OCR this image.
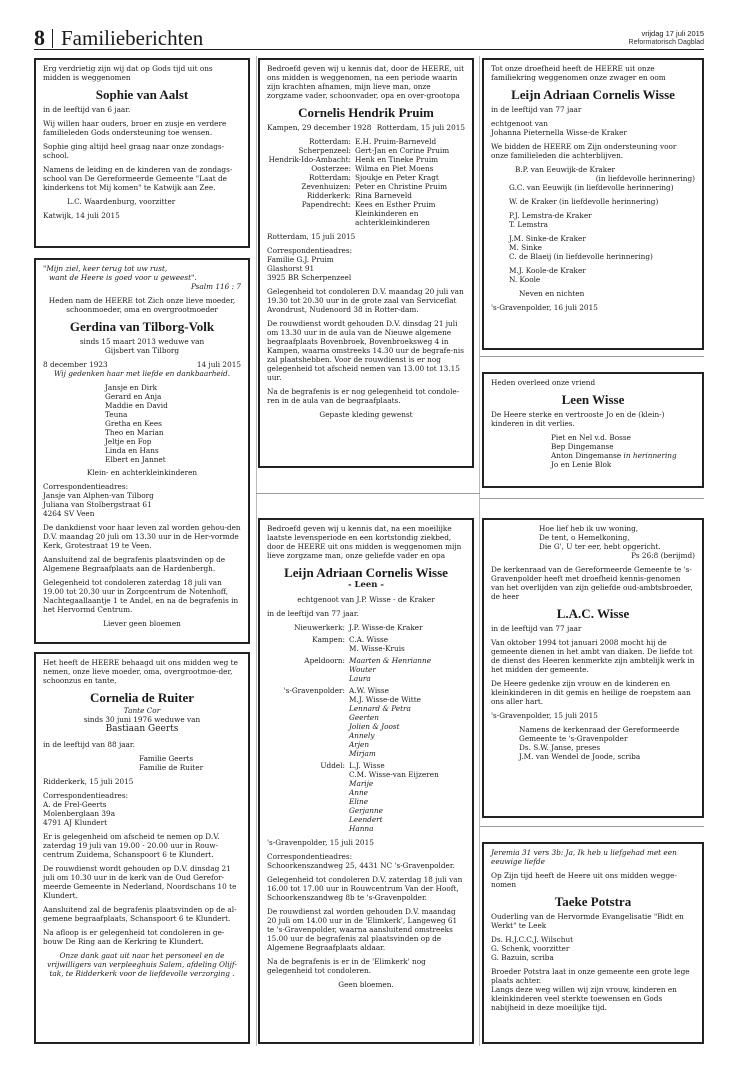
8 Familieberichten	vrijdag 17 juli 2015
Reformatorisch Dagblad
Erg verdrietig zijn wij dat op Gods tijd uit ons midden is weggenomen
Sophie van Aalst
in de leeftijd van 6 jaar.
Wij willen haar ouders, broer en zusje en verdere familieleden Gods ondersteuning toe wensen.
Sophie ging altijd heel graag naar onze zondags-school.
Namens de leiding en de kinderen van de zondags-school van De Gereformeerde Gemeente "Laat de kinderkens tot Mij komen" te Katwijk aan Zee.
L.C. Waardenburg, voorzitter
Katwijk, 14 juli 2015
"Mijn ziel, keer terug tot uw rust,
want de Heere is goed voor u geweest".
Psalm 116 : 7
Heden nam de HEERE tot Zich onze lieve moeder, schoonmoeder, oma en overgrootmoeder
Gerdina van Tilborg-Volk
sinds 15 maart 2013 weduwe van
Gijsbert van Tilborg
8 december 1923	14 juli 2015
Wij gedenken haar met liefde en dankbaarheid.
Jansje en Dirk
Gerard en Anja
Maddie en David
Teuna
Gretha en Kees
Theo en Marian
Jeltje en Fop
Linda en Hans
Elbert en Jannet
Klein- en achterkleinkinderen
Correspondentieadres:
Jansje van Alphen-van Tilborg
Juliana van Stolbergstraat 61
4264 SV Veen
De dankdienst voor haar leven zal worden gehou-den D.V. maandag 20 juli om 13.30 uur in de Her-vormde Kerk, Grotestraat 19 te Veen.
Aansluitend zal de begrafenis plaatsvinden op de Algemene Begraafplaats aan de Hardenbergh.
Gelegenheid tot condoleren zaterdag 18 juli van 19.00 tot 20.30 uur in Zorgcentrum de Notenhoff, Nachtegaallaantje 1 te Andel, en na de begrafenis in het Hervormd Centrum.
Liever geen bloemen
Het heeft de HEERE behaagd uit ons midden weg te nemen, onze lieve moeder, oma, overgrootmoe-der, schoonzus en tante,
Cornelia de Ruiter
Tante Cor
sinds 30 juni 1976 weduwe van
Bastiaan Geerts
in de leeftijd van 88 jaar.
Familie Geerts
Familie de Ruiter
Ridderkerk, 15 juli 2015
Correspondentieadres:
A. de Frel-Geerts
Molenberglaan 39a
4791 AJ Klundert
Er is gelegenheid om afscheid te nemen op D.V. zaterdag 19 juli van 19.00 - 20.00 uur in Rouw-centrum Zuidema, Schanspoort 6 te Klundert.
De rouwdienst wordt gehouden op D.V. dinsdag 21 juli om 10.30 uur in de kerk van de Oud Gerefor-meerde Gemeente in Nederland, Noordschans 10 te Klundert.
Aansluitend zal de begrafenis plaatsvinden op de al-gemene begraafplaats, Schanspoort 6 te Klundert.
Na afloop is er gelegenheid tot condoleren in ge-bouw De Ring aan de Kerkring te Klundert.
Onze dank gaat uit naar het personeel en de vrijwilligers van verpleeghuis Salem, afdeling Olijf-tak, te Ridderkerk voor de liefdevolle verzorging .
Bedroefd geven wij u kennis dat, door de HEERE, uit ons midden is weggenomen, na een periode waarin zijn krachten afnamen, mijn lieve man, onze zorgzame vader, schoonvader, opa en over-grootopa
Cornelis Hendrik Pruim
Kampen, 29 december 1928 Rotterdam, 15 juli 2015
Rotterdam: E.H. Pruim-Barneveld
Scherpenzeel: Gert-Jan en Corine Pruim
Hendrik-Ido-Ambacht: Henk en Tineke Pruim
Oosterzee: Wilma en Piet Moens
Rotterdam: Sjoukje en Peter Kragt
Zevenhuizen: Peter en Christine Pruim
Ridderkerk: Rina Barneveld
Papendrecht: Kees en Esther Pruim
Kleinkinderen en
achterkleinkinderen
Rotterdam, 15 juli 2015
Correspondentieadres:
Familie G.J. Pruim
Glashorst 91
3925 BR Scherpenzeel
Gelegenheid tot condoleren D.V. maandag 20 juli van 19.30 tot 20.30 uur in de grote zaal van Serviceflat Avondrust, Nudenoord 38 in Rotter-dam.
De rouwdienst wordt gehouden D.V. dinsdag 21 juli om 13.30 uur in de aula van de Nieuwe algemene begraafplaats Bovenbroek, Bovenbroeksweg 4 in Kampen, waarna omstreeks 14.30 uur de begrafe-nis zal plaatshebben. Voor de rouwdienst is er nog gelegenheid tot afscheid nemen van 13.00 tot 13.15 uur.
Na de begrafenis is er nog gelegenheid tot condole-ren in de aula van de begraafplaats.
Gepaste kleding gewenst
Bedroefd geven wij u kennis dat, na een moeilijke laatste levensperiode en een kortstondig ziekbed, door de HEERE uit ons midden is weggenomen mijn lieve zorgzame man, onze geliefde vader en opa
Leijn Adriaan Cornelis Wisse
- Leen -
echtgenoot van J.P. Wisse - de Kraker
in de leeftijd van 77 jaar.
Nieuwerkerk: J.P. Wisse-de Kraker
Kampen: C.A. Wisse
M. Wisse-Kruis
Apeldoorn: Maarten & Henrianne
Wouter
Laura
's-Gravenpolder: A.W. Wisse
M.J. Wisse-de Witte
Lennard & Petra
Geerten
Jolien & Joost
Annely
Arjen
Mirjam
Uddel: L.J. Wisse
C.M. Wisse-van Eijzeren
Marije
Anne
Eline
Gerjanne
Leendert
Hanna
's-Gravenpolder, 15 juli 2015
Correspondentieadres:
Schoorkenszandweg 25, 4431 NC 's-Gravenpolder.
Gelegenheid tot condoleren D.V. zaterdag 18 juli van 16.00 tot 17.00 uur in Rouwcentrum Van der Hooft, Schoorkenszandweg 8b te 's-Gravenpolder.
De rouwdienst zal worden gehouden D.V. maandag 20 juli om 14.00 uur in de 'Elimkerk', Langeweg 61 te 's-Gravenpolder, waarna aansluitend omstreeks 15.00 uur de begrafenis zal plaatsvinden op de Algemene Begraafplaats aldaar.
Na de begrafenis is er in de 'Elimkerk' nog gelegenheid tot condoleren.
Geen bloemen.
Tot onze droefheid heeft de HEERE uit onze familiekring weggenomen onze zwager en oom
Leijn Adriaan Cornelis Wisse
in de leeftijd van 77 jaar
echtgenoot van
Johanna Pieternella Wisse-de Kraker
We bidden de HEERE om Zijn ondersteuning voor onze familieleden die achterblijven.
B.P. van Eeuwijk-de Kraker
(in liefdevolle herinnering)
G.C. van Eeuwijk (in liefdevolle herinnering)
W. de Kraker (in liefdevolle herinnering)
P.J. Lemstra-de Kraker
T. Lemstra
J.M. Sinke-de Kraker
M. Sinke
C. de Blaeij (in liefdevolle herinnering)
M.J. Koole-de Kraker
N. Koole
Neven en nichten
's-Gravenpolder, 16 juli 2015
Heden overleed onze vriend
Leen Wisse
De Heere sterke en vertrooste Jo en de (klein-) kinderen in dit verlies.
Piet en Nel v.d. Bosse
Bep Dingemanse
Anton Dingemanse in herinnering
Jo en Lenie Blok
Hoe lief heb ik uw woning,
De tent, o Hemelkoning,
Die G', U ter eer, hebt opgericht.
Ps 26:8 (berijmd)
De kerkenraad van de Gereformeerde Gemeente te 's-Gravenpolder heeft met droefheid kennis-genomen van het overlijden van zijn geliefde oud-ambtsbroeder, de heer
L.A.C. Wisse
in de leeftijd van 77 jaar
Van oktober 1994 tot januari 2008 mocht hij de gemeente dienen in het ambt van diaken. De liefde tot de dienst des Heeren kenmerkte zijn ambtelijk werk in het midden der gemeente.
De Heere gedenke zijn vrouw en de kinderen en kleinkinderen in dit gemis en heilige de roepstem aan ons aller hart.
's-Gravenpolder, 15 juli 2015
Namens de kerkenraad der Gereformeerde
Gemeente te 's-Gravenpolder
Ds. S.W. Janse, preses
J.M. van Wendel de Joode, scriba
Jeremia 31 vers 3b: Ja, Ik heb u liefgehad met een eeuwige liefde
Op Zijn tijd heeft de Heere uit ons midden wegge-nomen
Taeke Potstra
Ouderling van de Hervormde Evangelisatie "Bidt en Werkt" te Leek
Ds. H.J.C.C.J. Wilschut
G. Schenk, voorzitter
G. Bazuin, scriba
Broeder Potstra laat in onze gemeente een grote lege plaats achter.
Langs deze weg willen wij zijn vrouw, kinderen en kleinkinderen veel sterkte toewensen en Gods nabijheid in deze moeilijke tijd.
